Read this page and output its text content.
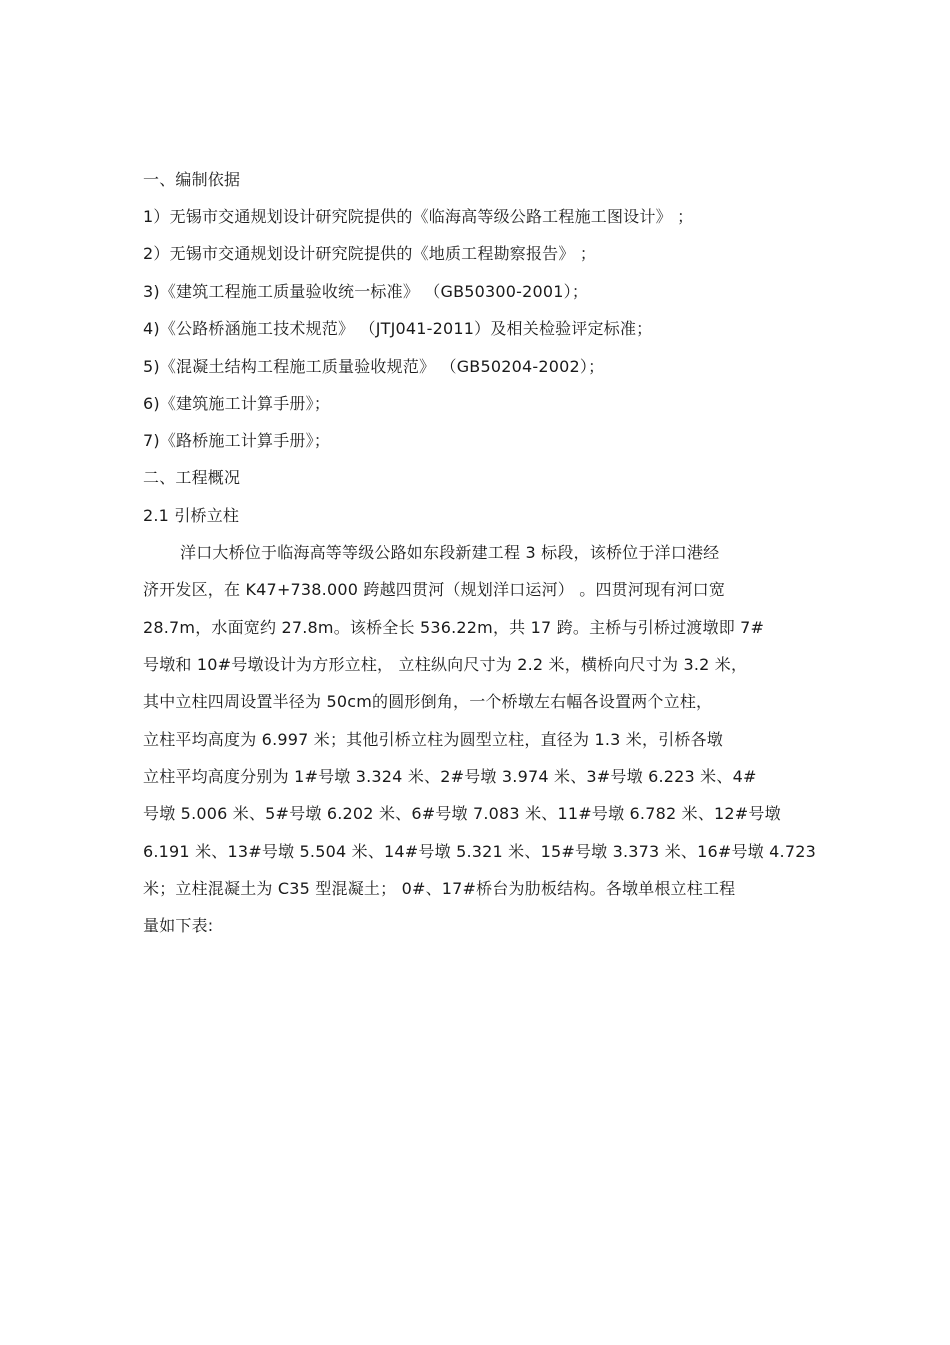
一、编制依据
1）无锡市交通规划设计研究院提供的《临海高等级公路工程施工图设计》 ；
2）无锡市交通规划设计研究院提供的《地质工程勘察报告》 ；
3)《建筑工程施工质量验收统一标准》 （GB50300-2001）；
4)《公路桥涵施工技术规范》 （JTJ041-2011）及相关检验评定标准；
5)《混凝土结构工程施工质量验收规范》 （GB50204-2002）；
6)《建筑施工计算手册》；
7)《路桥施工计算手册》；
二、工程概况
2.1 引桥立柱
洋口大桥位于临海高等等级公路如东段新建工程 3 标段，该桥位于洋口港经
济开发区，在 K47+738.000 跨越四贯河（规划洋口运河） 。四贯河现有河口宽
28.7m，水面宽约 27.8m。该桥全长 536.22m，共 17 跨。主桥与引桥过渡墩即 7#
号墩和 10#号墩设计为方形立柱， 立柱纵向尺寸为 2.2 米，横桥向尺寸为 3.2 米，
其中立柱四周设置半径为 50cm的圆形倒角，一个桥墩左右幅各设置两个立柱，
立柱平均高度为 6.997 米；其他引桥立柱为圆型立柱，直径为 1.3 米，引桥各墩
立柱平均高度分别为 1#号墩 3.324 米、2#号墩 3.974 米、3#号墩 6.223 米、4#
号墩 5.006 米、5#号墩 6.202 米、6#号墩 7.083 米、11#号墩 6.782 米、12#号墩
6.191 米、13#号墩 5.504 米、14#号墩 5.321 米、15#号墩 3.373 米、16#号墩 4.723
米；立柱混凝土为 C35 型混凝土； 0#、17#桥台为肋板结构。各墩单根立柱工程
量如下表:
